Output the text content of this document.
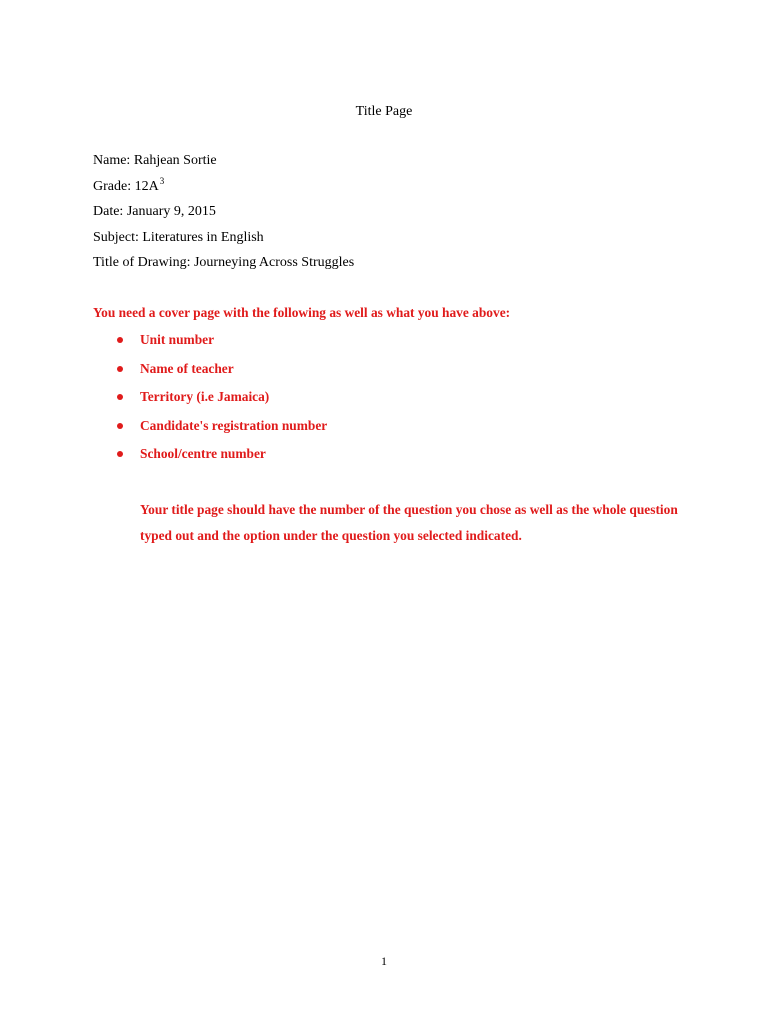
Title Page
Name: Rahjean Sortie
Grade: $12A^3$
Date: January 9, 2015
Subject: Literatures in English
Title of Drawing: Journeying Across Struggles
You need a cover page with the following as well as what you have above:
Unit number
Name of teacher
Territory (i.e Jamaica)
Candidate's registration number
School/centre number
Your title page should have the number of the question you chose as well as the whole question typed out and the option under the question you selected indicated.
1
